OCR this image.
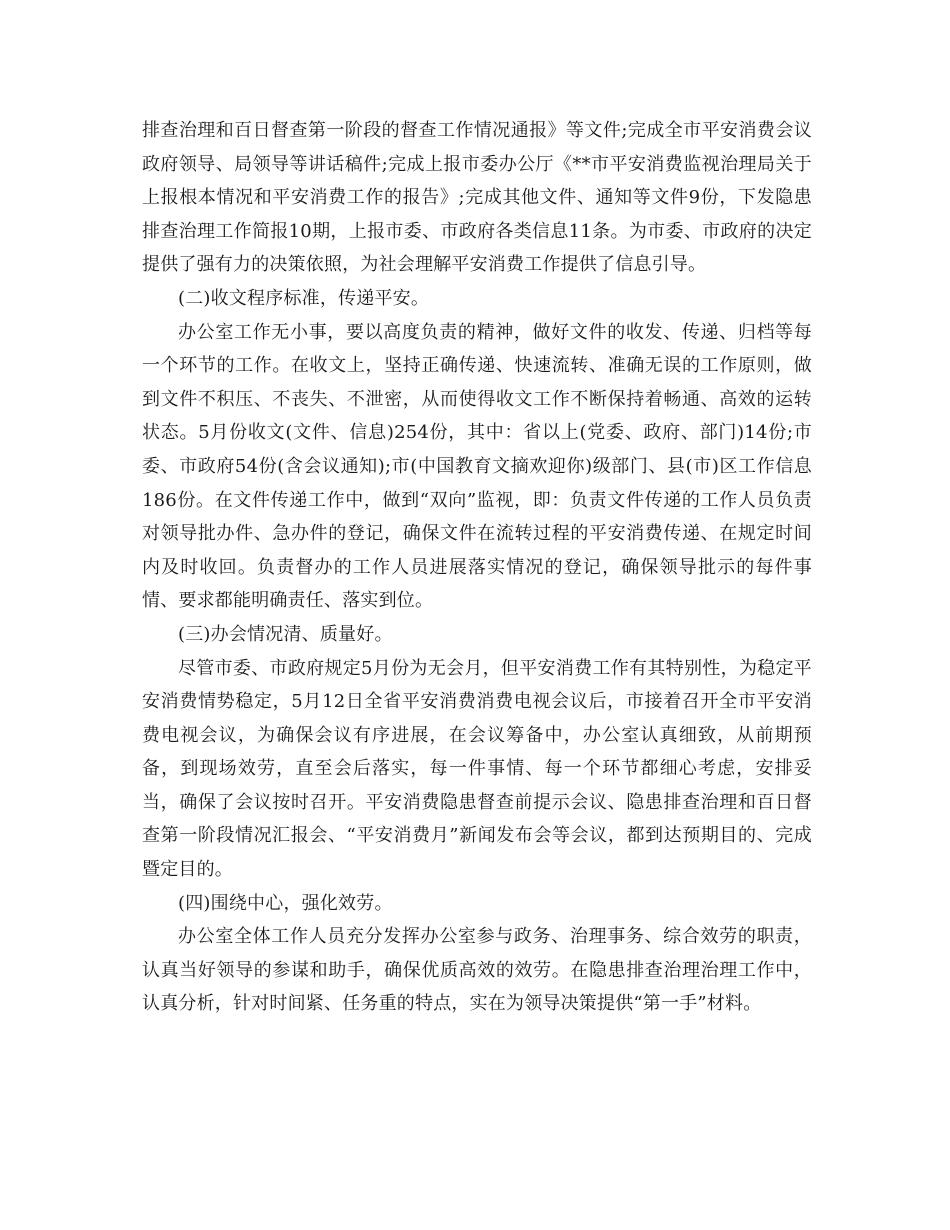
排查治理和百日督查第一阶段的督查工作情况通报》等文件;完成全市平安消费会议政府领导、局领导等讲话稿件;完成上报市委办公厅《**市平安消费监视治理局关于上报根本情况和平安消费工作的报告》;完成其他文件、通知等文件9份，下发隐患排查治理工作简报10期，上报市委、市政府各类信息11条。为市委、市政府的决定提供了强有力的决策依照，为社会理解平安消费工作提供了信息引导。

(二)收文程序标准，传递平安。

办公室工作无小事，要以高度负责的精神，做好文件的收发、传递、归档等每一个环节的工作。在收文上，坚持正确传递、快速流转、准确无误的工作原则，做到文件不积压、不丧失、不泄密，从而使得收文工作不断保持着畅通、高效的运转状态。5月份收文(文件、信息)254份，其中：省以上(党委、政府、部门)14份;市委、市政府54份(含会议通知);市(中国教育文摘欢迎你)级部门、县(市)区工作信息186份。在文件传递工作中，做到“双向”监视，即：负责文件传递的工作人员负责对领导批办件、急办件的登记，确保文件在流转过程的平安消费传递、在规定时间内及时收回。负责督办的工作人员进展落实情况的登记，确保领导批示的每件事情、要求都能明确责任、落实到位。

(三)办会情况清、质量好。

尽管市委、市政府规定5月份为无会月，但平安消费工作有其特别性，为稳定平安消费情势稳定，5月12日全省平安消费消费电视会议后，市接着召开全市平安消费电视会议，为确保会议有序进展，在会议筹备中，办公室认真细致，从前期预备，到现场效劳，直至会后落实，每一件事情、每一个环节都细心考虑，安排妥当，确保了会议按时召开。平安消费隐患督查前提示会议、隐患排查治理和百日督查第一阶段情况汇报会、“平安消费月”新闻发布会等会议，都到达预期目的、完成暨定目的。

(四)围绕中心，强化效劳。

办公室全体工作人员充分发挥办公室参与政务、治理事务、综合效劳的职责，认真当好领导的参谋和助手，确保优质高效的效劳。在隐患排查治理治理工作中，认真分析，针对时间紧、任务重的特点，实在为领导决策提供“第一手”材料。
